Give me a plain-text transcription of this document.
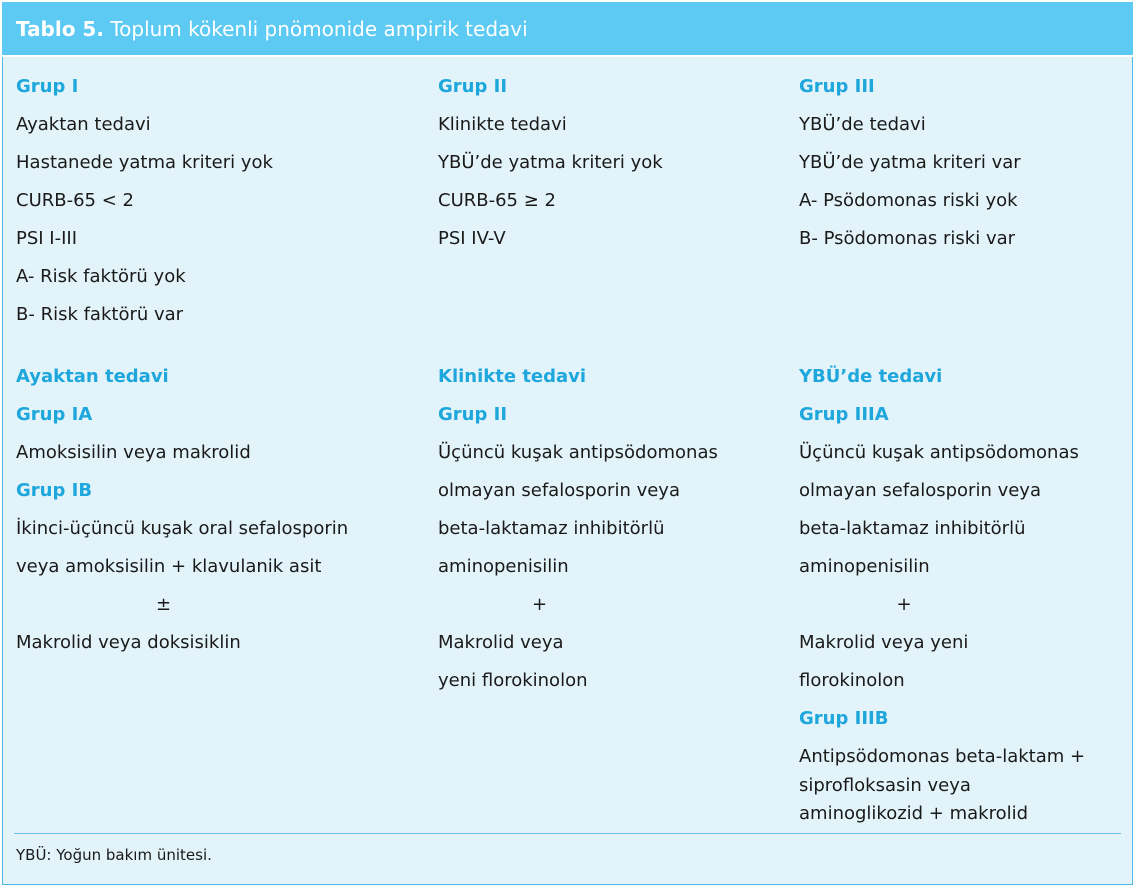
Tablo 5. Toplum kökenli pnömonide ampirik tedavi
Grup I
Ayaktan tedavi
Hastanede yatma kriteri yok
CURB-65 < 2
PSI I-III
A- Risk faktörü yok
B- Risk faktörü var
Grup II
Klinikte tedavi
YBÜ’de yatma kriteri yok
CURB-65 ≥ 2
PSI IV-V
Grup III
YBÜ’de tedavi
YBÜ’de yatma kriteri var
A- Psödomonas riski yok
B- Psödomonas riski var
Ayaktan tedavi
Grup IA
Amoksisilin veya makrolid
Grup IB
İkinci-üçüncü kuşak oral sefalosporin
veya amoksisilin + klavulanik asit
±
Makrolid veya doksisiklin
Klinikte tedavi
Grup II
Üçüncü kuşak antipsödomonas
olmayan sefalosporin veya
beta-laktamaz inhibitörlü
aminopenisilin
+
Makrolid veya
yeni florokinolon
YBÜ’de tedavi
Grup IIIA
Üçüncü kuşak antipsödomonas
olmayan sefalosporin veya
beta-laktamaz inhibitörlü
aminopenisilin
+
Makrolid veya yeni
florokinolon
Grup IIIB
Antipsödomonas beta-laktam +
siprofloksasin veya
aminoglikozid + makrolid
YBÜ: Yoğun bakım ünitesi.
